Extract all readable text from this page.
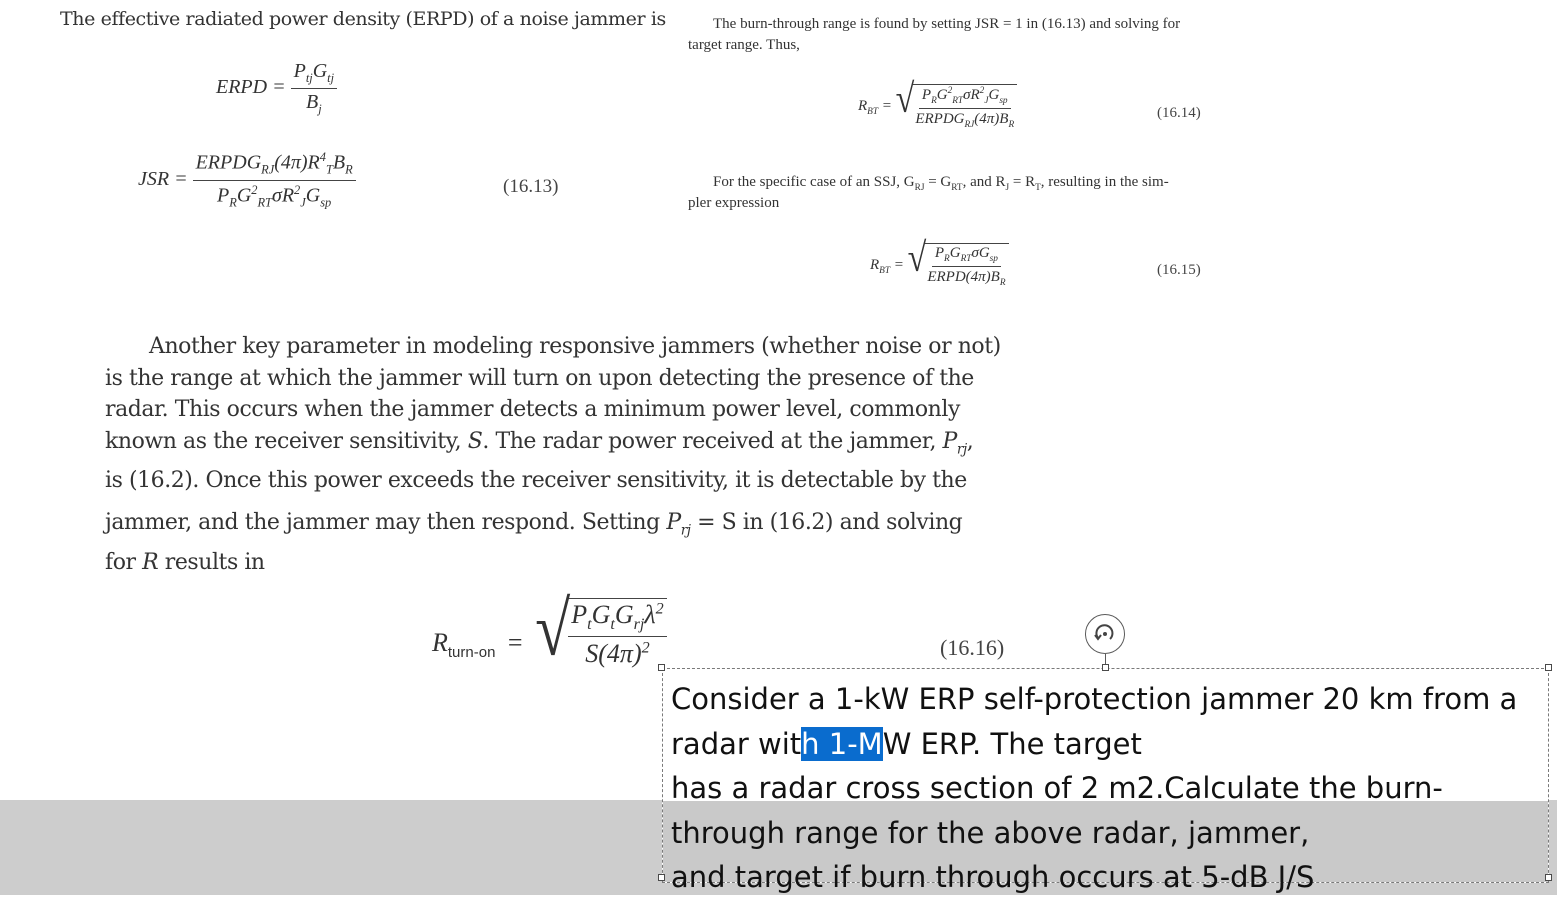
The effective radiated power density (ERPD) of a noise jammer is
ERPD = $\frac{P_{tj}G_{tj}}{B_j}$
JSR = $\frac{ERPDG_{RJ}(4\pi)R^4_TB_R}{P_RG^2_{RT}\sigma R^2_JG_{sp}}$	(16.13)
The burn-through range is found by setting JSR = 1 in (16.13) and solving for
target range. Thus,
$R_{BT}$ = √
$\frac{P_RG^2_{RT}\sigma R^2_JG_{sp}}{ERPDG_{RJ}(4\pi)B_R}$	(16.14)
For the specific case of an SSJ, $G_{RJ} = G_{RT}$, and $R_J = R_T$, resulting in the sim-
pler expression
$R_{BT}$ = √
$\frac{P_RG_{RT}\sigma G_{sp}}{ERPD(4\pi)B_R}$	(16.15)
Another key parameter in modeling responsive jammers (whether noise or not)
is the range at which the jammer will turn on upon detecting the presence of the
radar. This occurs when the jammer detects a minimum power level, commonly
known as the receiver sensitivity, S. The radar power received at the jammer, $P_{rj}$,
is (16.2). Once this power exceeds the receiver sensitivity, it is detectable by the
jammer, and the jammer may then respond. Setting $P_{rj} = S$ in (16.2) and solving
for R results in
$R_{turn-on}$ = √
$\frac{P_tG_tG_{rj}\lambda^2}{S(4\pi)^2}$	(16.16)
Consider a 1-kW ERP self-protection jammer 20 km from a
radar with 1-MW ERP. The target
has a radar cross section of 2 m2.Calculate the burn-
through range for the above radar, jammer,
and target if burn through occurs at 5-dB J/S
